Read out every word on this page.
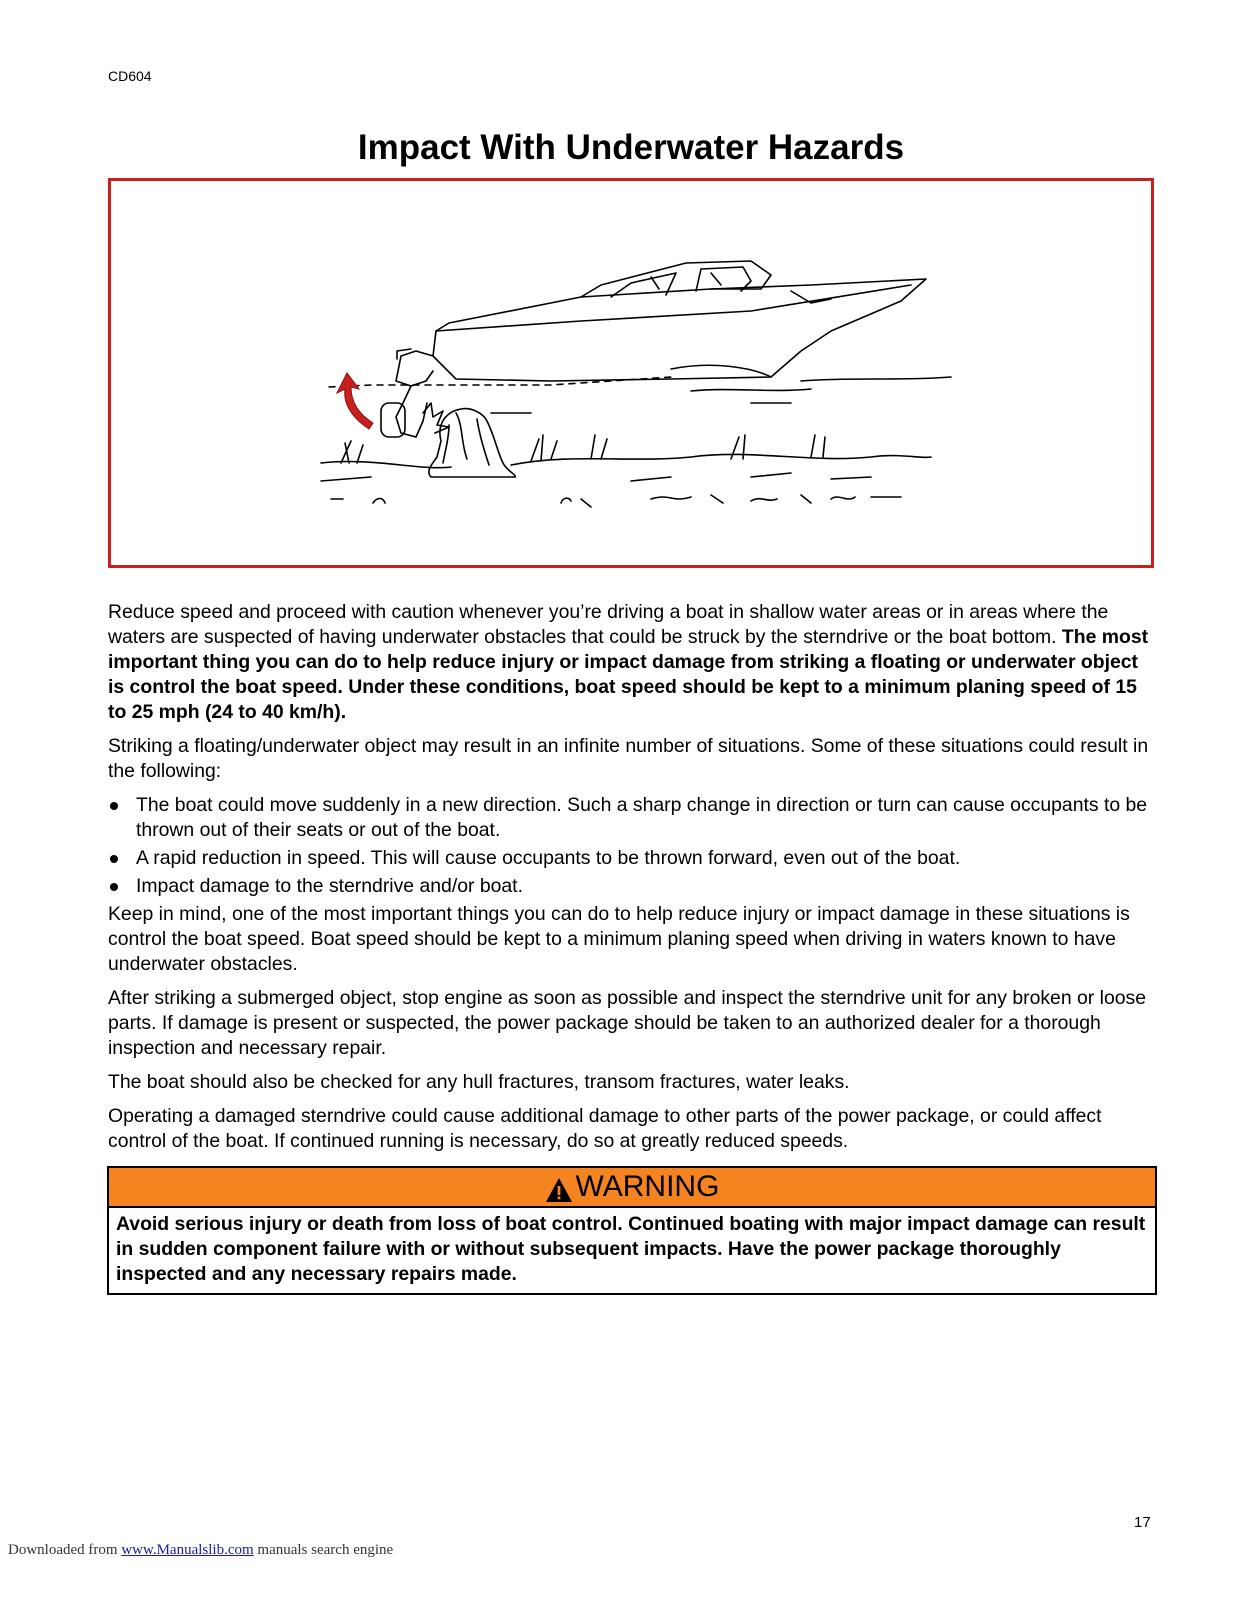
CD604
Impact With Underwater Hazards

Reduce speed and proceed with caution whenever you’re driving a boat in shallow water areas or in areas where the waters are suspected of having underwater obstacles that could be struck by the sterndrive or the boat bottom. The most important thing you can do to help reduce injury or impact damage from striking a floating or underwater object is control the boat speed. Under these conditions, boat speed should be kept to a minimum planing speed of 15 to 25 mph (24 to 40 km/h).

Striking a floating/underwater object may result in an infinite number of situations. Some of these situations could result in the following:

The boat could move suddenly in a new direction. Such a sharp change in direction or turn can cause occupants to be thrown out of their seats or out of the boat.
A rapid reduction in speed. This will cause occupants to be thrown forward, even out of the boat.
Impact damage to the sterndrive and/or boat.

Keep in mind, one of the most important things you can do to help reduce injury or impact damage in these situations is control the boat speed. Boat speed should be kept to a minimum planing speed when driving in waters known to have underwater obstacles.

After striking a submerged object, stop engine as soon as possible and inspect the sterndrive unit for any broken or loose parts. If damage is present or suspected, the power package should be taken to an authorized dealer for a thorough inspection and necessary repair.

The boat should also be checked for any hull fractures, transom fractures, water leaks.

Operating a damaged sterndrive could cause additional damage to other parts of the power package, or could affect control of the boat. If continued running is necessary, do so at greatly reduced speeds.

WARNING
Avoid serious injury or death from loss of boat control. Continued boating with major impact damage can result in sudden component failure with or without subsequent impacts. Have the power package thoroughly inspected and any necessary repairs made.
17
Downloaded from www.Manualslib.com manuals search engine
